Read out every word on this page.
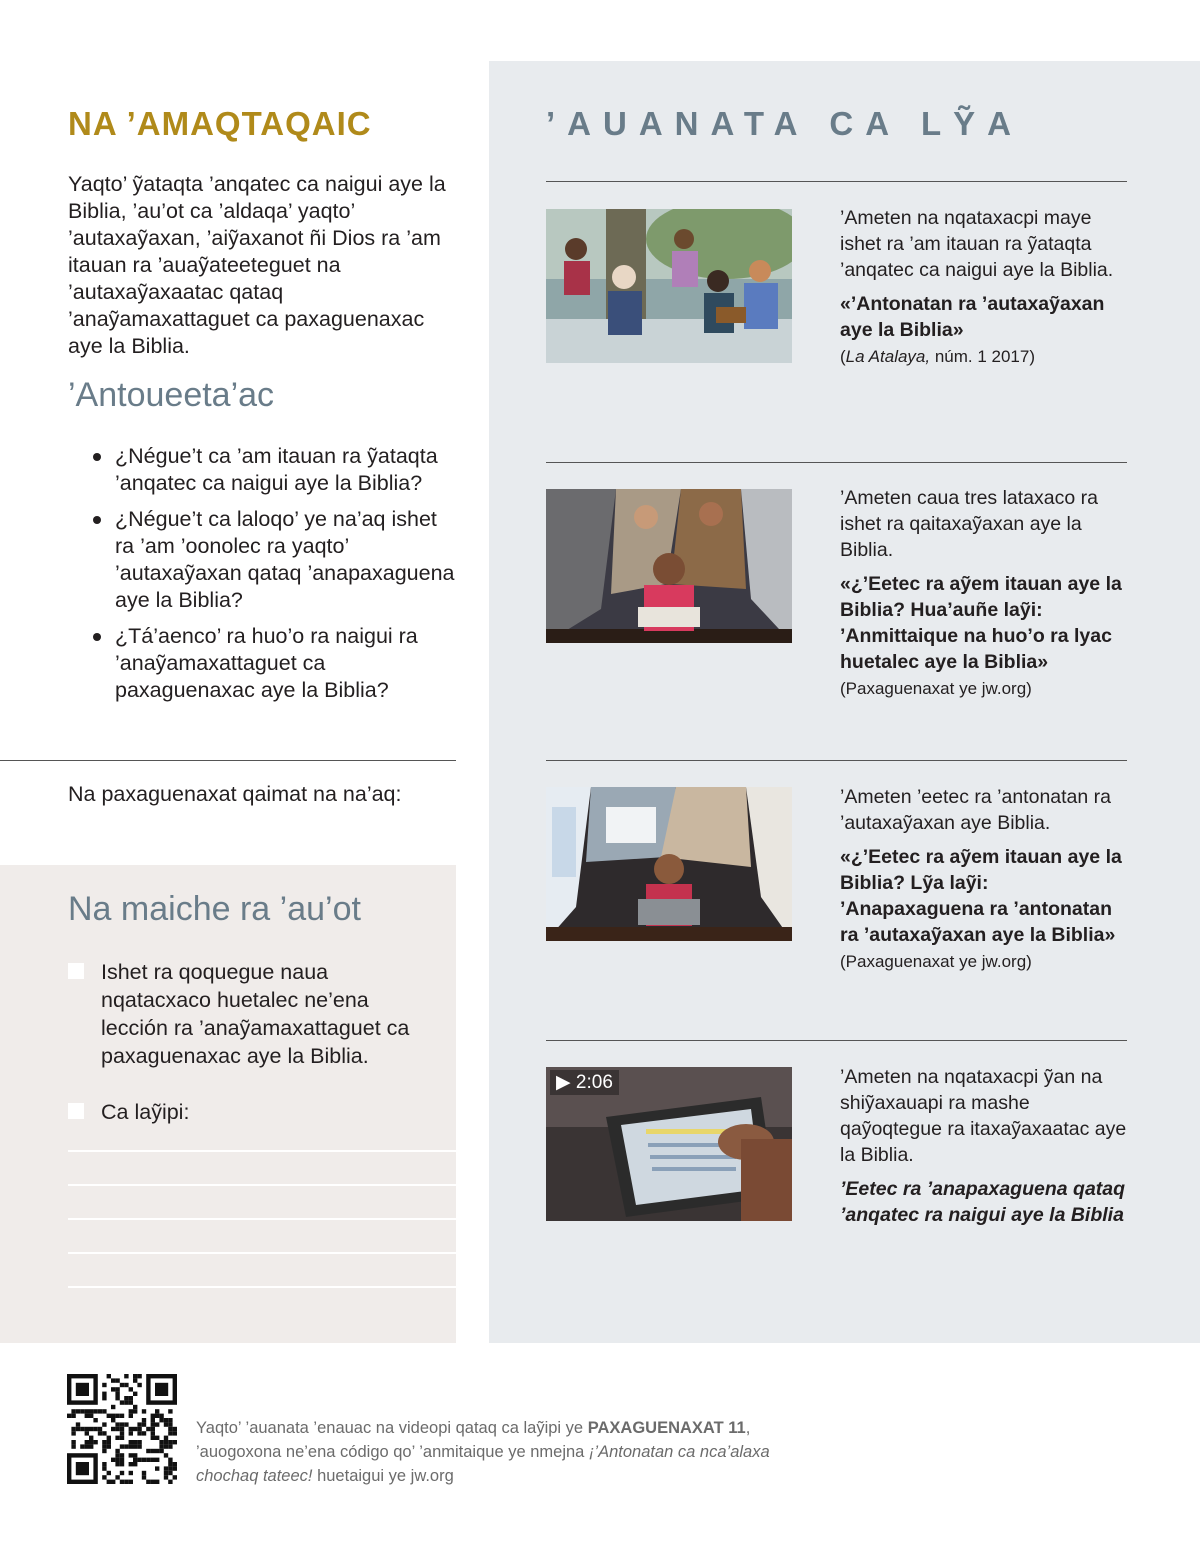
NA ’AMAQTAQAIC

Yaqto’ ỹataqta ’anqatec ca naigui aye la Biblia, ’au’ot ca ’aldaqa’ yaqto’ ’autaxaỹaxan, ’aiỹaxanot ñi Dios ra ’am itauan ra ’auaỹateeteguet na ’autaxaỹaxaatac qataq ’anaỹamaxattaguet ca paxaguenaxac aye la Biblia.

’Antoueeta’ac
¿Négue’t ca ’am itauan ra ỹataqta ’anqatec ca naigui aye la Biblia?
¿Négue’t ca laloqo’ ye na’aq ishet ra ’am ’oonolec ra yaqto’ ’autaxaỹaxan qataq ’anapaxaguena aye la Biblia?
¿Tá’aenco’ ra huo’o ra naigui ra ’anaỹamaxattaguet ca paxaguenaxac aye la Biblia?

Na paxaguenaxat qaimat na na’aq:

Na maiche ra ’au’ot
Ishet ra qoquegue naua nqatacxaco huetalec ne’ena lección ra ’anaỹamaxattaguet ca paxaguenaxac aye la Biblia.
Ca laỹipi:
’AUANATA CA LỸA

’Ameten na nqataxacpi maye ishet ra ’am itauan ra ỹataqta ’anqatec ca naigui aye la Biblia.

«’Antonatan ra ’autaxaỹaxan aye la Biblia»

(La Atalaya, núm. 1 2017)

’Ameten caua tres lataxaco ra ishet ra qaitaxaỹaxan aye la Biblia.

«¿’Eetec ra aỹem itauan aye la Biblia? Hua’auñe laỹi: ’Anmittaique na huo’o ra lyac huetalec aye la Biblia»

(Paxaguenaxat ye jw.org)

’Ameten ’eetec ra ’antonatan ra ’autaxaỹaxan aye Biblia.

«¿’Eetec ra aỹem itauan aye la Biblia? Lỹa laỹi: ’Anapaxaguena ra ’antonatan ra ’autaxaỹaxan aye la Biblia»

(Paxaguenaxat ye jw.org)

▶ 2:06	’Ameten na nqataxacpi ỹan na shiỹaxauapi ra mashe qaỹoqtegue ra itaxaỹaxaatac aye la Biblia.

’Eetec ra ’anapaxaguena qataq ’anqatec ra naigui aye la Biblia

Yaqto’ ’auanata ’enauac na videopi qataq ca laỹipi ye PAXAGUENAXAT 11, ’auogoxona ne’ena código qo’ ’anmitaique ye nmejna ¡’Antonatan ca nca’alaxa chochaq tateec! huetaigui ye jw.org
